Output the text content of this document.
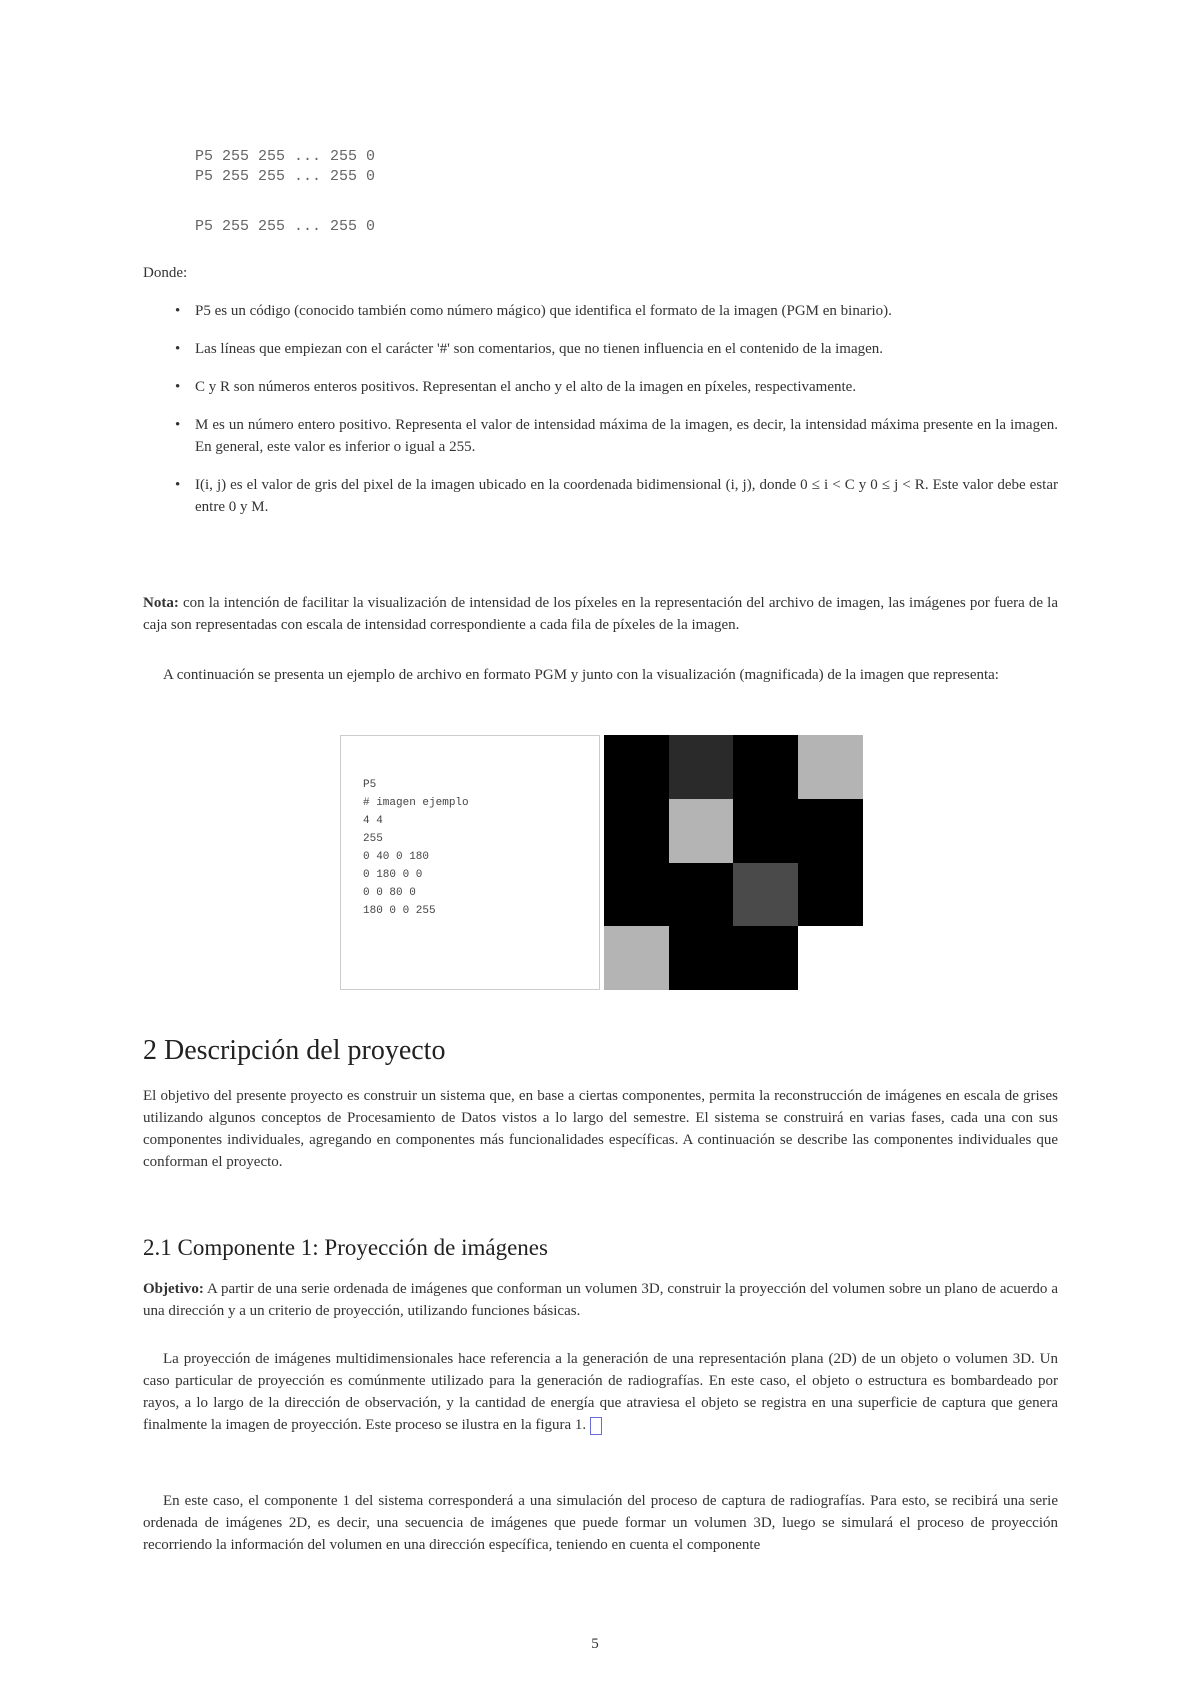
P5 255 255 ... 255 0
P5 255 255 ... 255 0
P5 255 255 ... 255 0
Donde:
• P5 es un código (conocido también como número mágico) que identifica el formato de la imagen (PGM en binario).
• Las líneas que empiezan con el carácter '#' son comentarios, que no tienen influencia en el contenido de la imagen.
• C y R son números enteros positivos. Representan el ancho y el alto de la imagen en píxeles, respectivamente.
• M es un número entero positivo. Representa el valor de intensidad máxima de la imagen, es decir, la intensidad máxima presente en la imagen. En general, este valor es inferior o igual a 255.
• I(i, j) es el valor de gris del pixel de la imagen ubicado en la coordenada bidimensional (i, j), donde 0 ≤ i < C y 0 ≤ j < R. Este valor debe estar entre 0 y M.
Nota: con la intención de facilitar la visualización de intensidad de los píxeles en la representación del archivo de imagen, las imágenes por fuera de la caja son representadas con escala de intensidad correspondiente a cada fila de píxeles de la imagen.
A continuación se presenta un ejemplo de archivo en formato PGM y junto con la visualización (magnificada) de la imagen que representa:
P5
# imagen ejemplo
4 4
255
0 40 0 180
0 180 0 0
0 0 80 0
180 0 0 255
2 Descripción del proyecto
El objetivo del presente proyecto es construir un sistema que, en base a ciertas componentes, permita la reconstrucción de imágenes en escala de grises utilizando algunos conceptos de Procesamiento de Datos vistos a lo largo del semestre. El sistema se construirá en varias fases, cada una con sus componentes individuales, agregando en componentes más funcionalidades específicas. A continuación se describe las componentes individuales que conforman el proyecto.
2.1 Componente 1: Proyección de imágenes
Objetivo: A partir de una serie ordenada de imágenes que conforman un volumen 3D, construir la proyección del volumen sobre un plano de acuerdo a una dirección y a un criterio de proyección, utilizando funciones básicas.
La proyección de imágenes multidimensionales hace referencia a la generación de una representación plana (2D) de un objeto o volumen 3D. Un caso particular de proyección es comúnmente utilizado para la generación de radiografías. En este caso, el objeto o estructura es bombardeado por rayos, a lo largo de la dirección de observación, y la cantidad de energía que atraviesa el objeto se registra en una superficie de captura que genera finalmente la imagen de proyección. Este proceso se ilustra en la figura 1.
En este caso, el componente 1 del sistema corresponderá a una simulación del proceso de captura de radiografías. Para esto, se recibirá una serie ordenada de imágenes 2D, es decir, una secuencia de imágenes que puede formar un volumen 3D, luego se simulará el proceso de proyección recorriendo la información del volumen en una dirección específica, teniendo en cuenta el componente
5
